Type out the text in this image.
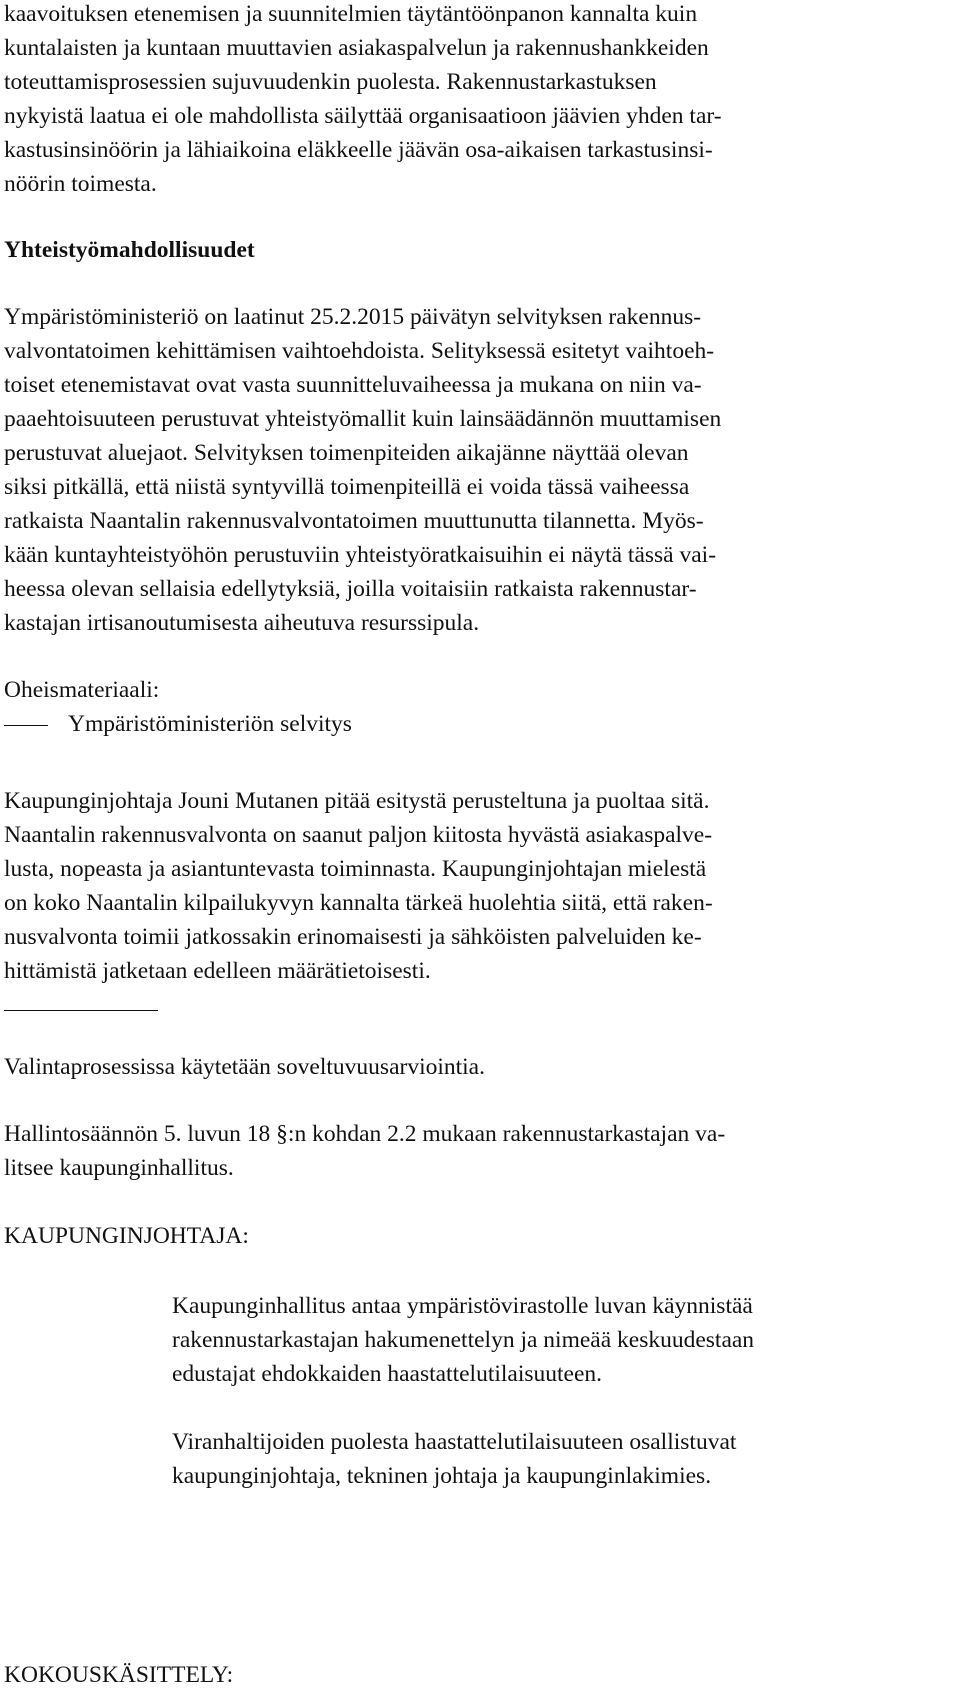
kaavoituksen etenemisen ja suunnitelmien täytäntöönpanon kannalta kuin
kuntalaisten ja kuntaan muuttavien asiakaspalvelun ja rakennushankkeiden
toteuttamisprosessien sujuvuudenkin puolesta. Rakennustarkastuksen
nykyistä laatua ei ole mahdollista säilyttää organisaatioon jäävien yhden tar-
kastusinsinöörin ja lähiaikoina eläkkeelle jäävän osa-aikaisen tarkastusinsi-
nöörin toimesta.

Yhteistyömahdollisuudet

Ympäristöministeriö on laatinut 25.2.2015 päivätyn selvityksen rakennus-
valvontatoimen kehittämisen vaihtoehdoista. Selityksessä esitetyt vaihtoeh-
toiset etenemistavat ovat vasta suunnitteluvaiheessa ja mukana on niin va-
paaehtoisuuteen perustuvat yhteistyömallit kuin lainsäädännön muuttamisen
perustuvat aluejaot. Selvityksen toimenpiteiden aikajänne näyttää olevan
siksi pitkällä, että niistä syntyvillä toimenpiteillä ei voida tässä vaiheessa
ratkaista Naantalin rakennusvalvontatoimen muuttunutta tilannetta. Myös-
kään kuntayhteistyöhön perustuviin yhteistyöratkaisuihin ei näytä tässä vai-
heessa olevan sellaisia edellytyksiä, joilla voitaisiin ratkaista rakennustar-
kastajan irtisanoutumisesta aiheutuva resurssipula.

Oheismateriaali:

Ympäristöministeriön selvitys

Kaupunginjohtaja Jouni Mutanen pitää esitystä perusteltuna ja puoltaa sitä.
Naantalin rakennusvalvonta on saanut paljon kiitosta hyvästä asiakaspalve-
lusta, nopeasta ja asiantuntevasta toiminnasta. Kaupunginjohtajan mielestä
on koko Naantalin kilpailukyvyn kannalta tärkeä huolehtia siitä, että raken-
nusvalvonta toimii jatkossakin erinomaisesti ja sähköisten palveluiden ke-
hittämistä jatketaan edelleen määrätietoisesti.

Valintaprosessissa käytetään soveltuvuusarviointia.

Hallintosäännön 5. luvun 18 §:n kohdan 2.2 mukaan rakennustarkastajan va-
litsee kaupunginhallitus.

KAUPUNGINJOHTAJA:

Kaupunginhallitus antaa ympäristövirastolle luvan käynnistää
rakennustarkastajan hakumenettelyn ja nimeää keskuudestaan
edustajat ehdokkaiden haastattelutilaisuuteen.

Viranhaltijoiden puolesta haastattelutilaisuuteen osallistuvat
kaupunginjohtaja, tekninen johtaja ja kaupunginlakimies.

KOKOUSKÄSITTELY:
